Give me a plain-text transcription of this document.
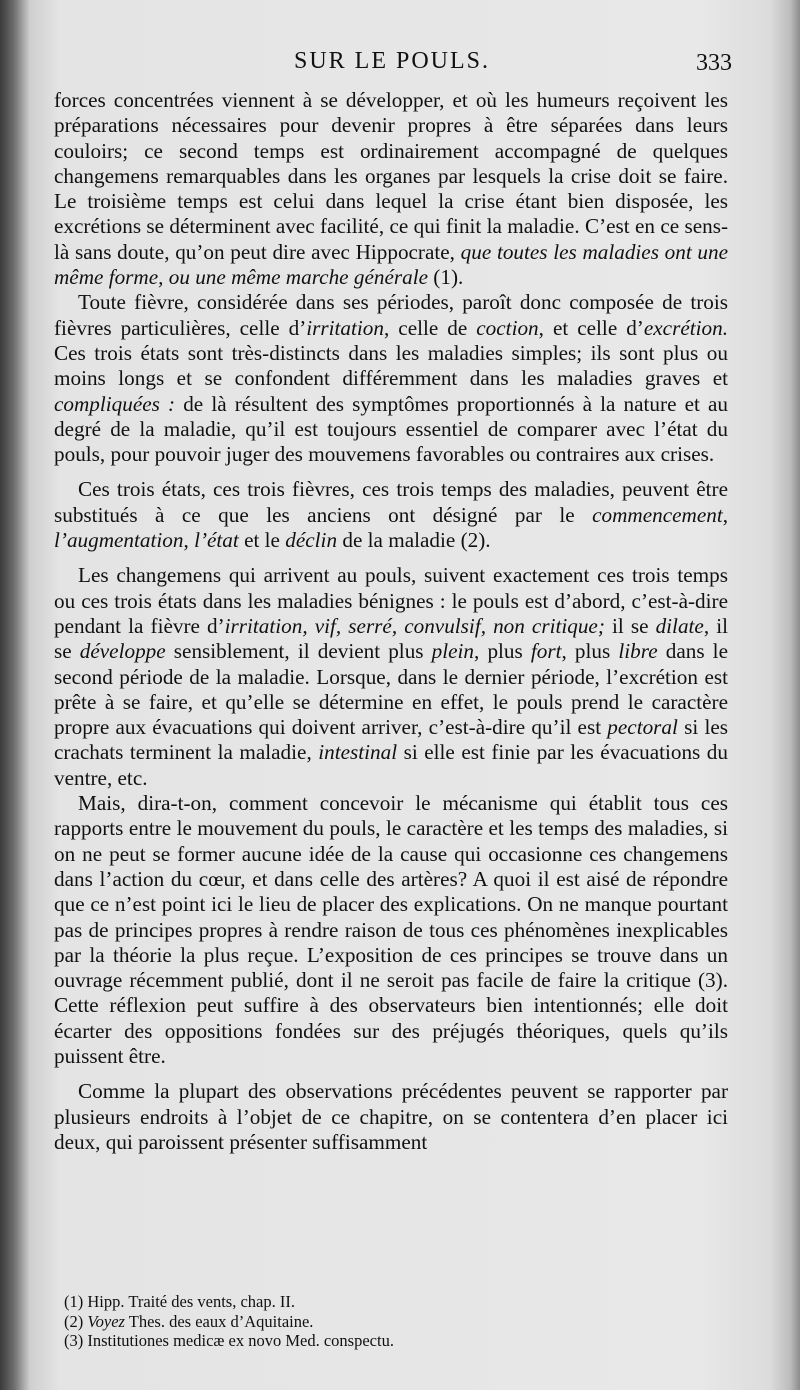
SUR LE POULS.	333

forces concentrées viennent à se développer, et où les humeurs reçoivent les préparations nécessaires pour devenir propres à être séparées dans leurs couloirs; ce second temps est ordinairement accompagné de quelques changemens remarquables dans les organes par lesquels la crise doit se faire. Le troisième temps est celui dans lequel la crise étant bien disposée, les excrétions se déterminent avec facilité, ce qui finit la maladie. C’est en ce sens-là sans doute, qu’on peut dire avec Hippocrate, que toutes les maladies ont une même forme, ou une même marche générale (1).

Toute fièvre, considérée dans ses périodes, paroît donc composée de trois fièvres particulières, celle d’irritation, celle de coction, et celle d’excrétion. Ces trois états sont très-distincts dans les maladies simples; ils sont plus ou moins longs et se confondent différemment dans les maladies graves et compliquées : de là résultent des symptômes proportionnés à la nature et au degré de la maladie, qu’il est toujours essentiel de comparer avec l’état du pouls, pour pouvoir juger des mouvemens favorables ou contraires aux crises.

Ces trois états, ces trois fièvres, ces trois temps des maladies, peuvent être substitués à ce que les anciens ont désigné par le commencement, l’augmentation, l’état et le déclin de la maladie (2).

Les changemens qui arrivent au pouls, suivent exactement ces trois temps ou ces trois états dans les maladies bénignes : le pouls est d’abord, c’est-à-dire pendant la fièvre d’irritation, vif, serré, convulsif, non critique; il se dilate, il se développe sensiblement, il devient plus plein, plus fort, plus libre dans le second période de la maladie. Lorsque, dans le dernier période, l’excrétion est prête à se faire, et qu’elle se détermine en effet, le pouls prend le caractère propre aux évacuations qui doivent arriver, c’est-à-dire qu’il est pectoral si les crachats terminent la maladie, intestinal si elle est finie par les évacuations du ventre, etc.

Mais, dira-t-on, comment concevoir le mécanisme qui établit tous ces rapports entre le mouvement du pouls, le caractère et les temps des maladies, si on ne peut se former aucune idée de la cause qui occasionne ces changemens dans l’action du cœur, et dans celle des artères? A quoi il est aisé de répondre que ce n’est point ici le lieu de placer des explications. On ne manque pourtant pas de principes propres à rendre raison de tous ces phénomènes inexplicables par la théorie la plus reçue. L’exposition de ces principes se trouve dans un ouvrage récemment publié, dont il ne seroit pas facile de faire la critique (3). Cette réflexion peut suffire à des observateurs bien intentionnés; elle doit écarter des oppositions fondées sur des préjugés théoriques, quels qu’ils puissent être.

Comme la plupart des observations précédentes peuvent se rapporter par plusieurs endroits à l’objet de ce chapitre, on se contentera d’en placer ici deux, qui paroissent présenter suffisamment

(1) Hipp. Traité des vents, chap. II.
(2) Voyez Thes. des eaux d’Aquitaine.
(3) Institutiones medicæ ex novo Med. conspectu.
